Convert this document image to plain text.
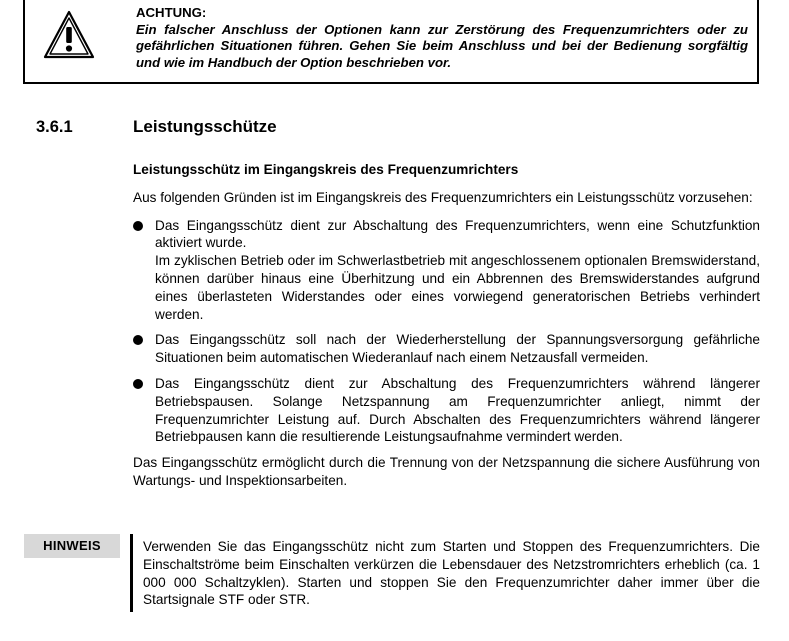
ACHTUNG:
Ein falscher Anschluss der Optionen kann zur Zerstörung des Frequenzumrichters oder zu gefährlichen Situationen führen. Gehen Sie beim Anschluss und bei der Bedienung sorgfältig und wie im Handbuch der Option beschrieben vor.
3.6.1	Leistungsschütze
Leistungsschütz im Eingangskreis des Frequenzumrichters
Aus folgenden Gründen ist im Eingangskreis des Frequenzumrichters ein Leistungsschütz vorzusehen:
Das Eingangsschütz dient zur Abschaltung des Frequenzumrichters, wenn eine Schutzfunktion aktiviert wurde.
Im zyklischen Betrieb oder im Schwerlastbetrieb mit angeschlossenem optionalen Bremswiderstand, können darüber hinaus eine Überhitzung und ein Abbrennen des Bremswiderstandes aufgrund eines überlasteten Widerstandes oder eines vorwiegend generatorischen Betriebs verhindert werden.
Das Eingangsschütz soll nach der Wiederherstellung der Spannungsversorgung gefährliche Situationen beim automatischen Wiederanlauf nach einem Netzausfall vermeiden.
Das Eingangsschütz dient zur Abschaltung des Frequenzumrichters während längerer Betriebspausen. Solange Netzspannung am Frequenzumrichter anliegt, nimmt der Frequenzumrichter Leistung auf. Durch Abschalten des Frequenzumrichters während längerer Betriebpausen kann die resultierende Leistungsaufnahme vermindert werden.
Das Eingangsschütz ermöglicht durch die Trennung von der Netzspannung die sichere Ausführung von Wartungs- und Inspektionsarbeiten.
HINWEIS	Verwenden Sie das Eingangsschütz nicht zum Starten und Stoppen des Frequenzumrichters. Die Einschaltströme beim Einschalten verkürzen die Lebensdauer des Netzstromrichters erheblich (ca. 1 000 000 Schaltzyklen). Starten und stoppen Sie den Frequenzumrichter daher immer über die Startsignale STF oder STR.
